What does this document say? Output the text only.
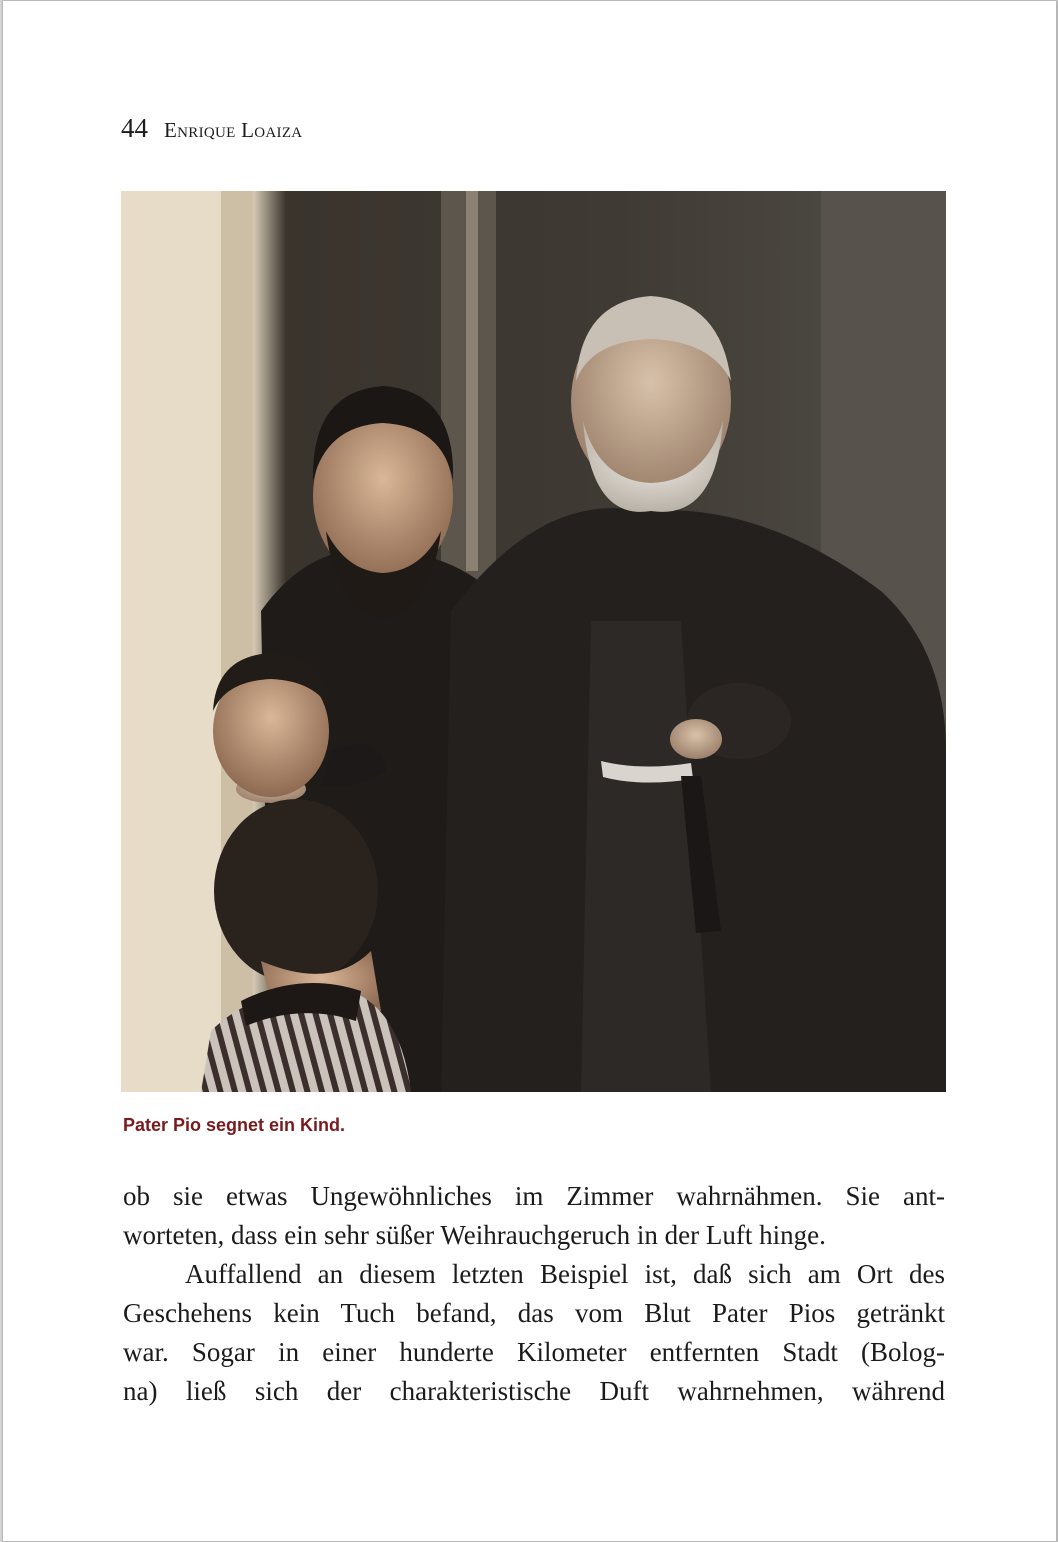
44 Enrique Loaiza
Pater Pio segnet ein Kind.
ob sie etwas Ungewöhnliches im Zimmer wahrnähmen. Sie ant-
worteten, dass ein sehr süßer Weihrauchgeruch in der Luft hinge.
Auffallend an diesem letzten Beispiel ist, daß sich am Ort des
Geschehens kein Tuch befand, das vom Blut Pater Pios getränkt
war. Sogar in einer hunderte Kilometer entfernten Stadt (Bolog-
na) ließ sich der charakteristische Duft wahrnehmen, während
